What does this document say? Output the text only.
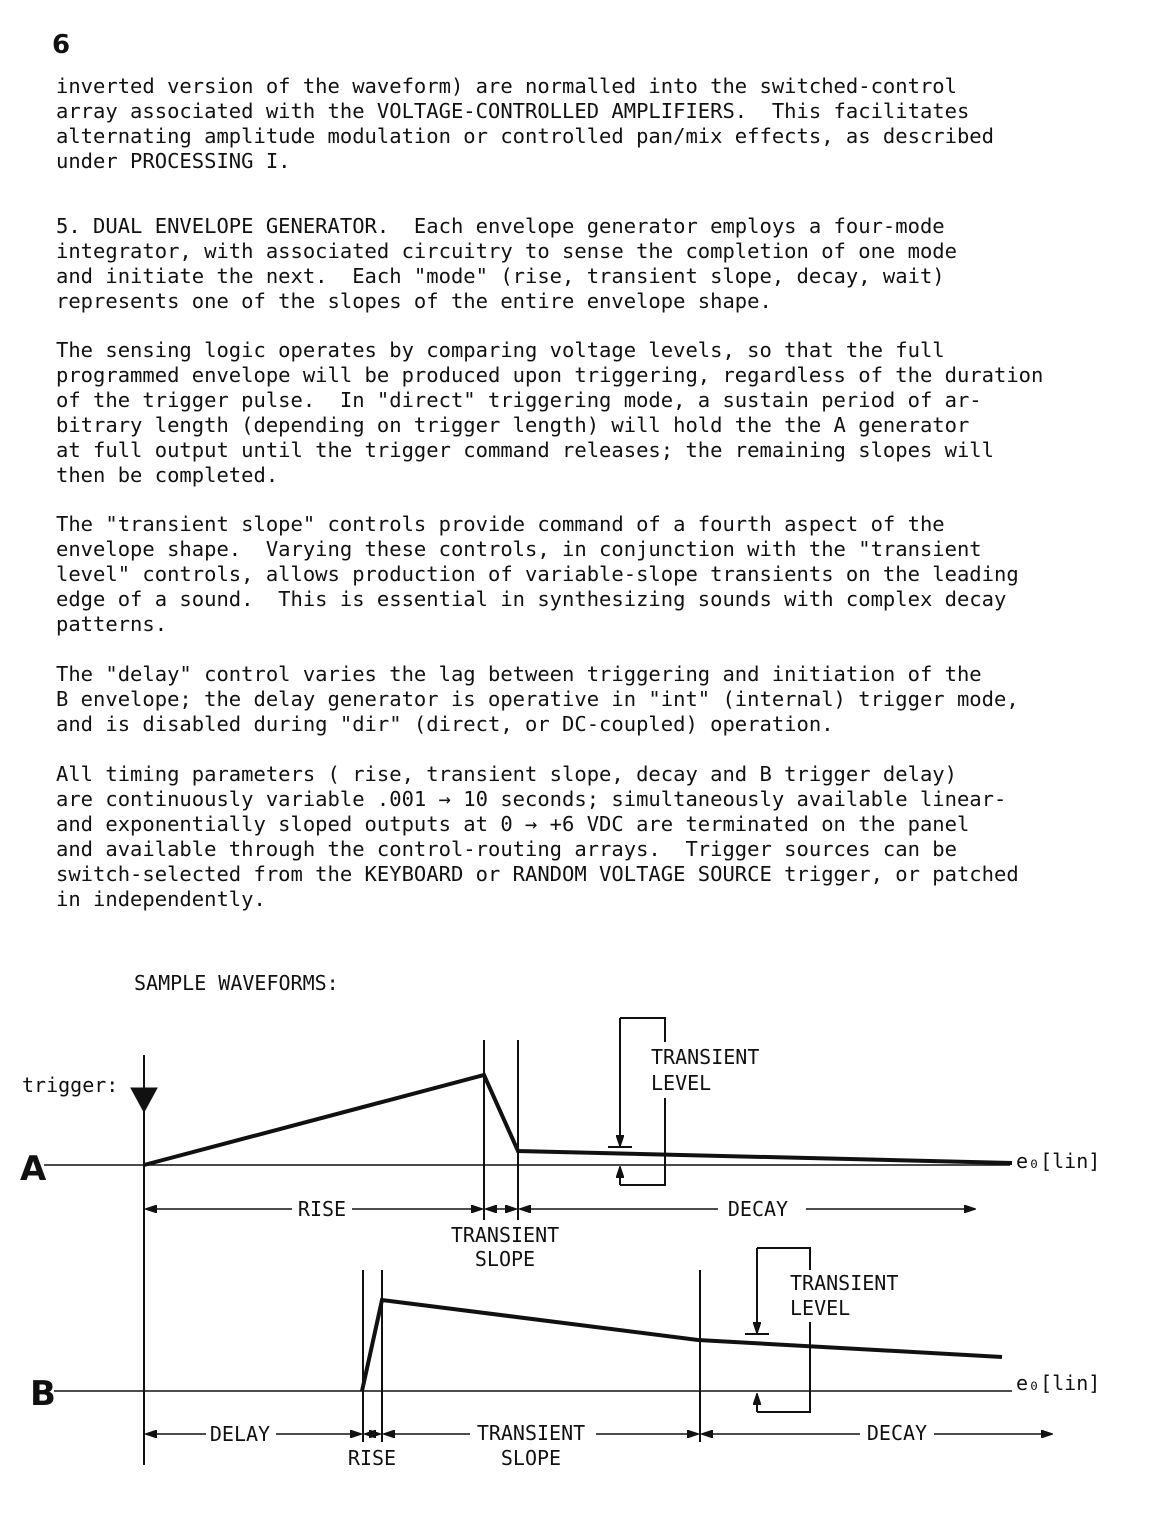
6
inverted version of the waveform) are normalled into the switched-control
array associated with the VOLTAGE-CONTROLLED AMPLIFIERS.  This facilitates
alternating amplitude modulation or controlled pan/mix effects, as described
under PROCESSING I.
5. DUAL ENVELOPE GENERATOR.  Each envelope generator employs a four-mode
integrator, with associated circuitry to sense the completion of one mode
and initiate the next.  Each "mode" (rise, transient slope, decay, wait)
represents one of the slopes of the entire envelope shape.
The sensing logic operates by comparing voltage levels, so that the full
programmed envelope will be produced upon triggering, regardless of the duration
of the trigger pulse.  In "direct" triggering mode, a sustain period of ar-
bitrary length (depending on trigger length) will hold the the A generator
at full output until the trigger command releases; the remaining slopes will
then be completed.
The "transient slope" controls provide command of a fourth aspect of the
envelope shape.  Varying these controls, in conjunction with the "transient
level" controls, allows production of variable-slope transients on the leading
edge of a sound.  This is essential in synthesizing sounds with complex decay
patterns.
The "delay" control varies the lag between triggering and initiation of the
B envelope; the delay generator is operative in "int" (internal) trigger mode,
and is disabled during "dir" (direct, or DC-coupled) operation.
All timing parameters ( rise, transient slope, decay and B trigger delay)
are continuously variable .001 → 10 seconds; simultaneously available linear-
and exponentially sloped outputs at 0 → +6 VDC are terminated on the panel
and available through the control-routing arrays.  Trigger sources can be
switch-selected from the KEYBOARD or RANDOM VOLTAGE SOURCE trigger, or patched
in independently.
SAMPLE WAVEFORMS:
trigger:
A	e₀[lin]
TRANSIENT
LEVEL
RISE
TRANSIENT
SLOPE
DECAY
B	e₀[lin]
TRANSIENT
LEVEL
DELAY
RISE
TRANSIENT
SLOPE
DECAY
